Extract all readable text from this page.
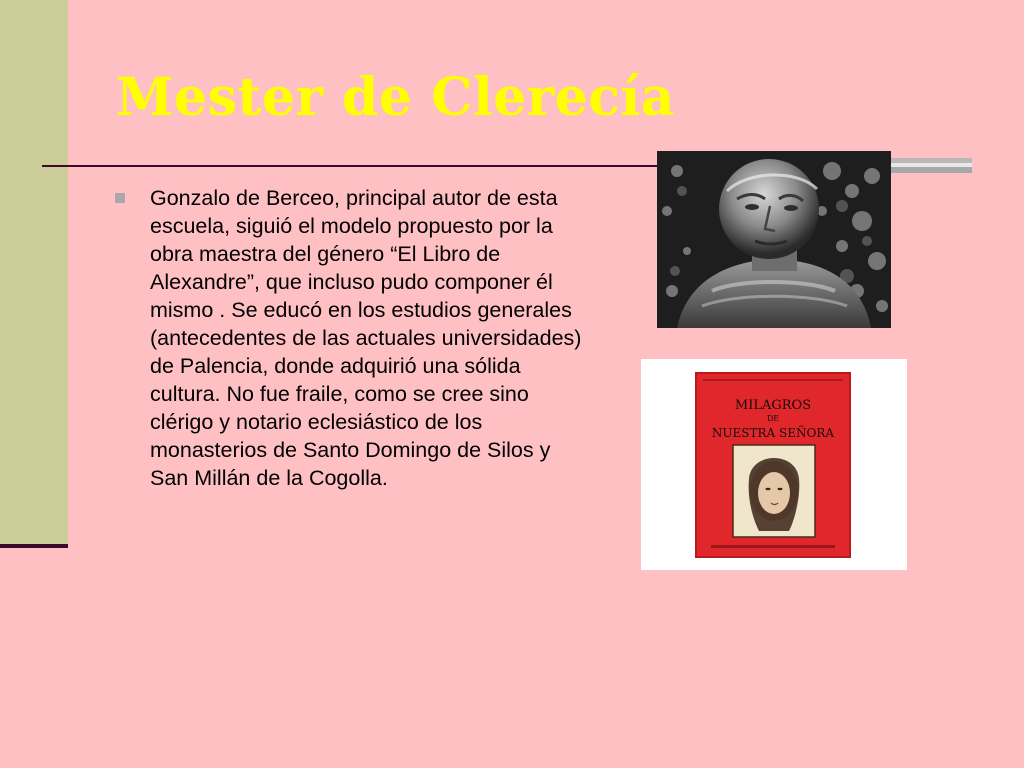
Mester de Clerecía
Gonzalo de Berceo, principal autor de esta escuela, siguió el modelo propuesto por la obra maestra del género “El Libro de Alexandre”, que incluso pudo componer él mismo . Se educó en los estudios generales (antecedentes de las actuales universidades) de Palencia, donde adquirió una sólida cultura. No fue fraile, como se cree sino clérigo y notario eclesiástico de los monasterios de Santo Domingo de Silos y San Millán de la Cogolla.
MILAGROS
DE
NUESTRA SEÑORA
